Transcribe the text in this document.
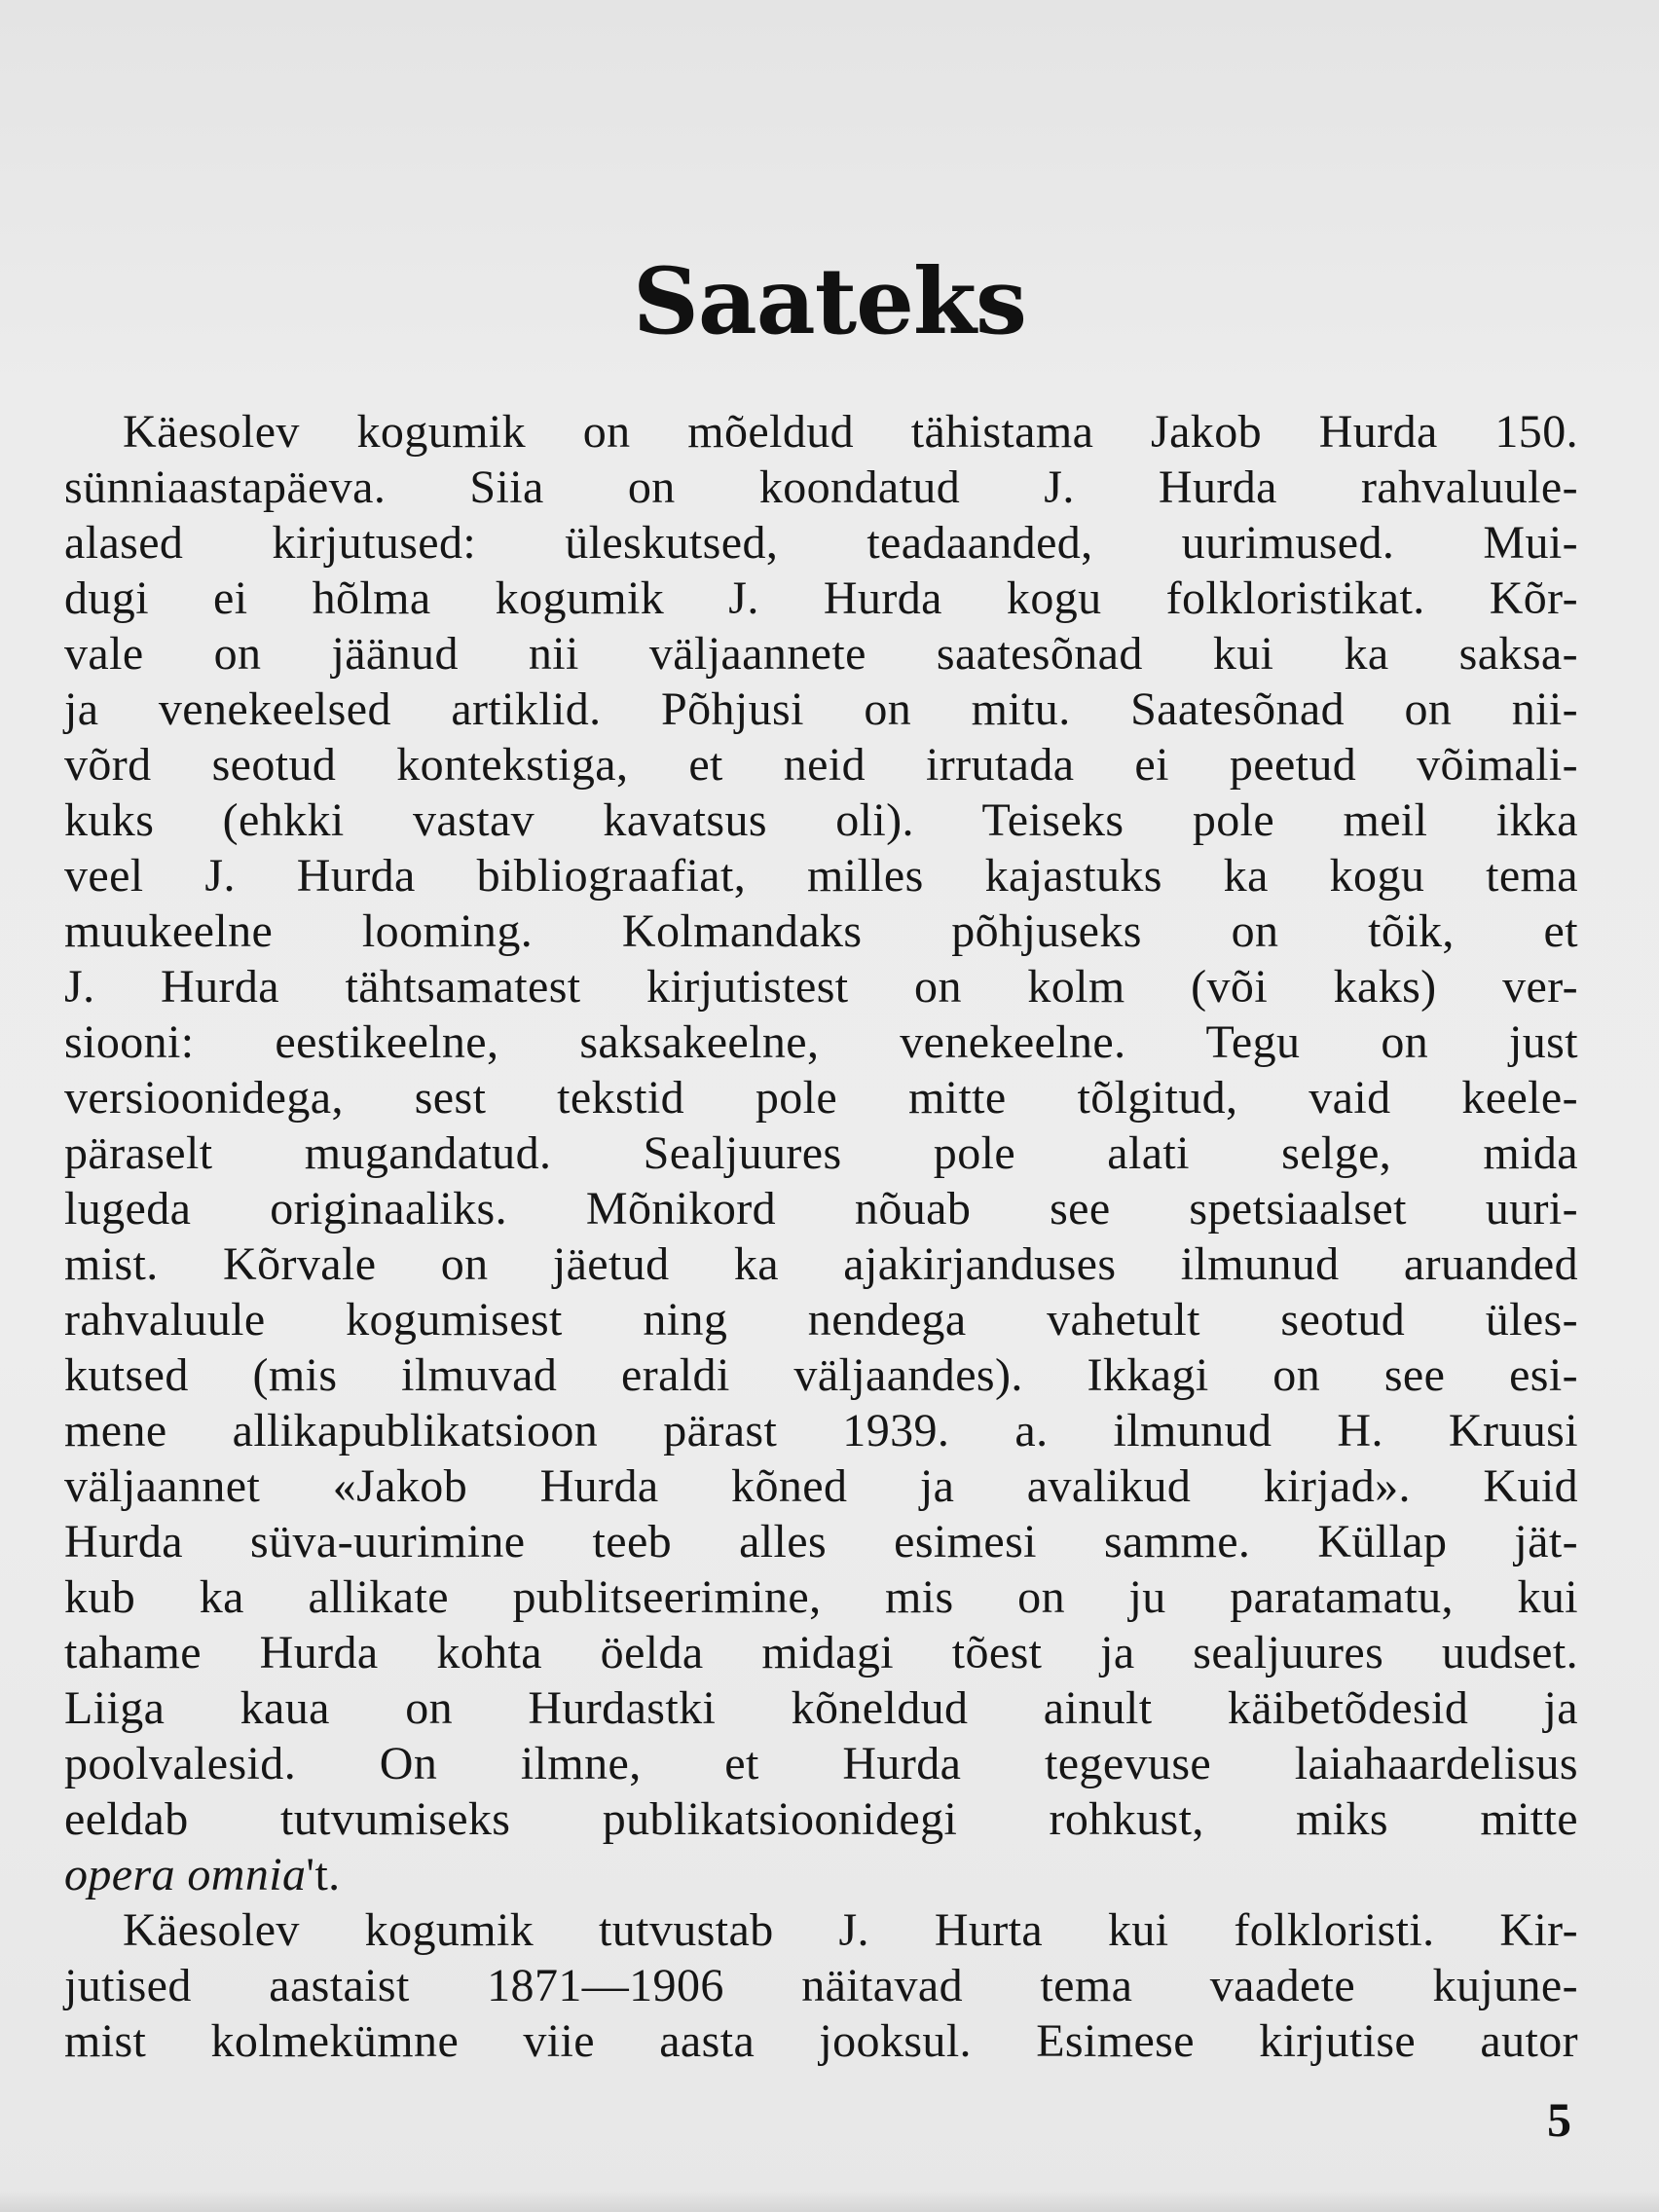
Saateks
Käesolev kogumik on mõeldud tähistama Jakob Hurda 150.
sünniaastapäeva. Siia on koondatud J. Hurda rahvaluule-
alased kirjutused: üleskutsed, teadaanded, uurimused. Mui-
dugi ei hõlma kogumik J. Hurda kogu folkloristikat. Kõr-
vale on jäänud nii väljaannete saatesõnad kui ka saksa-
ja venekeelsed artiklid. Põhjusi on mitu. Saatesõnad on nii-
võrd seotud kontekstiga, et neid irrutada ei peetud võimali-
kuks (ehkki vastav kavatsus oli). Teiseks pole meil ikka
veel J. Hurda bibliograafiat, milles kajastuks ka kogu tema
muukeelne looming. Kolmandaks põhjuseks on tõik, et
J. Hurda tähtsamatest kirjutistest on kolm (või kaks) ver-
siooni: eestikeelne, saksakeelne, venekeelne. Tegu on just
versioonidega, sest tekstid pole mitte tõlgitud, vaid keele-
päraselt mugandatud. Sealjuures pole alati selge, mida
lugeda originaaliks. Mõnikord nõuab see spetsiaalset uuri-
mist. Kõrvale on jäetud ka ajakirjanduses ilmunud aruanded
rahvaluule kogumisest ning nendega vahetult seotud üles-
kutsed (mis ilmuvad eraldi väljaandes). Ikkagi on see esi-
mene allikapublikatsioon pärast 1939. a. ilmunud H. Kruusi
väljaannet «Jakob Hurda kõned ja avalikud kirjad». Kuid
Hurda süva-uurimine teeb alles esimesi samme. Küllap jät-
kub ka allikate publitseerimine, mis on ju paratamatu, kui
tahame Hurda kohta öelda midagi tõest ja sealjuures uudset.
Liiga kaua on Hurdastki kõneldud ainult käibetõdesid ja
poolvalesid. On ilmne, et Hurda tegevuse laiahaardelisus
eeldab tutvumiseks publikatsioonidegi rohkust, miks mitte
opera omnia't.
Käesolev kogumik tutvustab J. Hurta kui folkloristi. Kir-
jutised aastaist 1871—1906 näitavad tema vaadete kujune-
mist kolmekümne viie aasta jooksul. Esimese kirjutise autor
5
